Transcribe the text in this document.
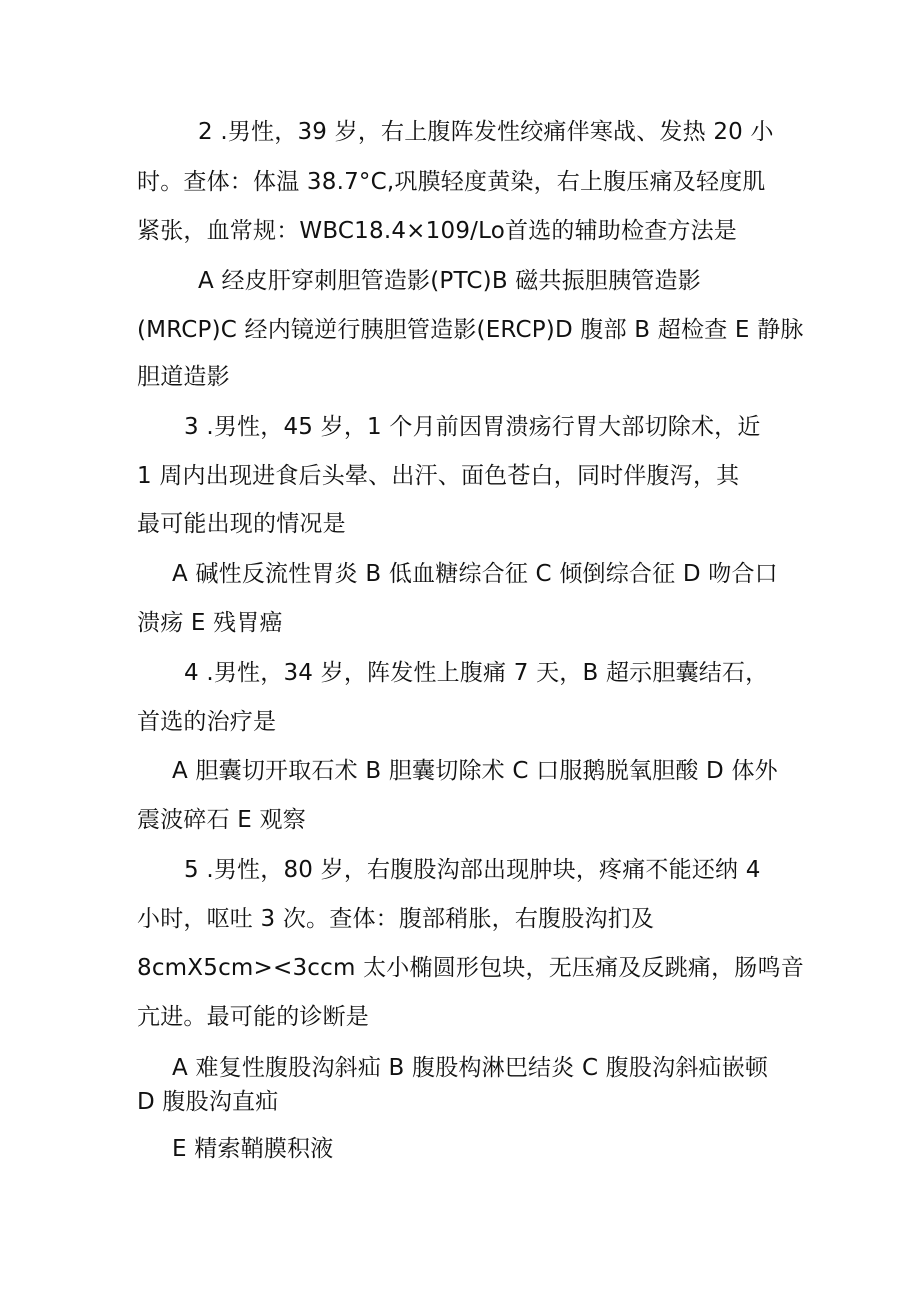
2 .男性，39 岁，右上腹阵发性绞痛伴寒战、发热 20 小
时。查体：体温 38.7°C,巩膜轻度黄染，右上腹压痛及轻度肌
紧张，血常规：WBC18.4×109/Lo首选的辅助检查方法是
A 经皮肝穿刺胆管造影(PTC)B 磁共振胆胰管造影
(MRCP)C 经内镜逆行胰胆管造影(ERCP)D 腹部 B 超检查 E 静脉
胆道造影
3 .男性，45 岁，1 个月前因胃溃疡行胃大部切除术，近
1 周内出现进食后头晕、出汗、面色苍白，同时伴腹泻，其
最可能出现的情况是
A 碱性反流性胃炎 B 低血糖综合征 C 倾倒综合征 D 吻合口
溃疡 E 残胃癌
4 .男性，34 岁，阵发性上腹痛 7 天，B 超示胆囊结石，
首选的治疗是
A 胆囊切开取石术 B 胆囊切除术 C 口服鹅脱氧胆酸 D 体外
震波碎石 E 观察
5 .男性，80 岁，右腹股沟部出现肿块，疼痛不能还纳 4
小时，呕吐 3 次。查体：腹部稍胀，右腹股沟扪及
8cmX5cm><3ccm 太小椭圆形包块，无压痛及反跳痛，肠鸣音
亢进。最可能的诊断是
A 难复性腹股沟斜疝 B 腹股构淋巴结炎 C 腹股沟斜疝嵌顿
D 腹股沟直疝
E 精索鞘膜积液
